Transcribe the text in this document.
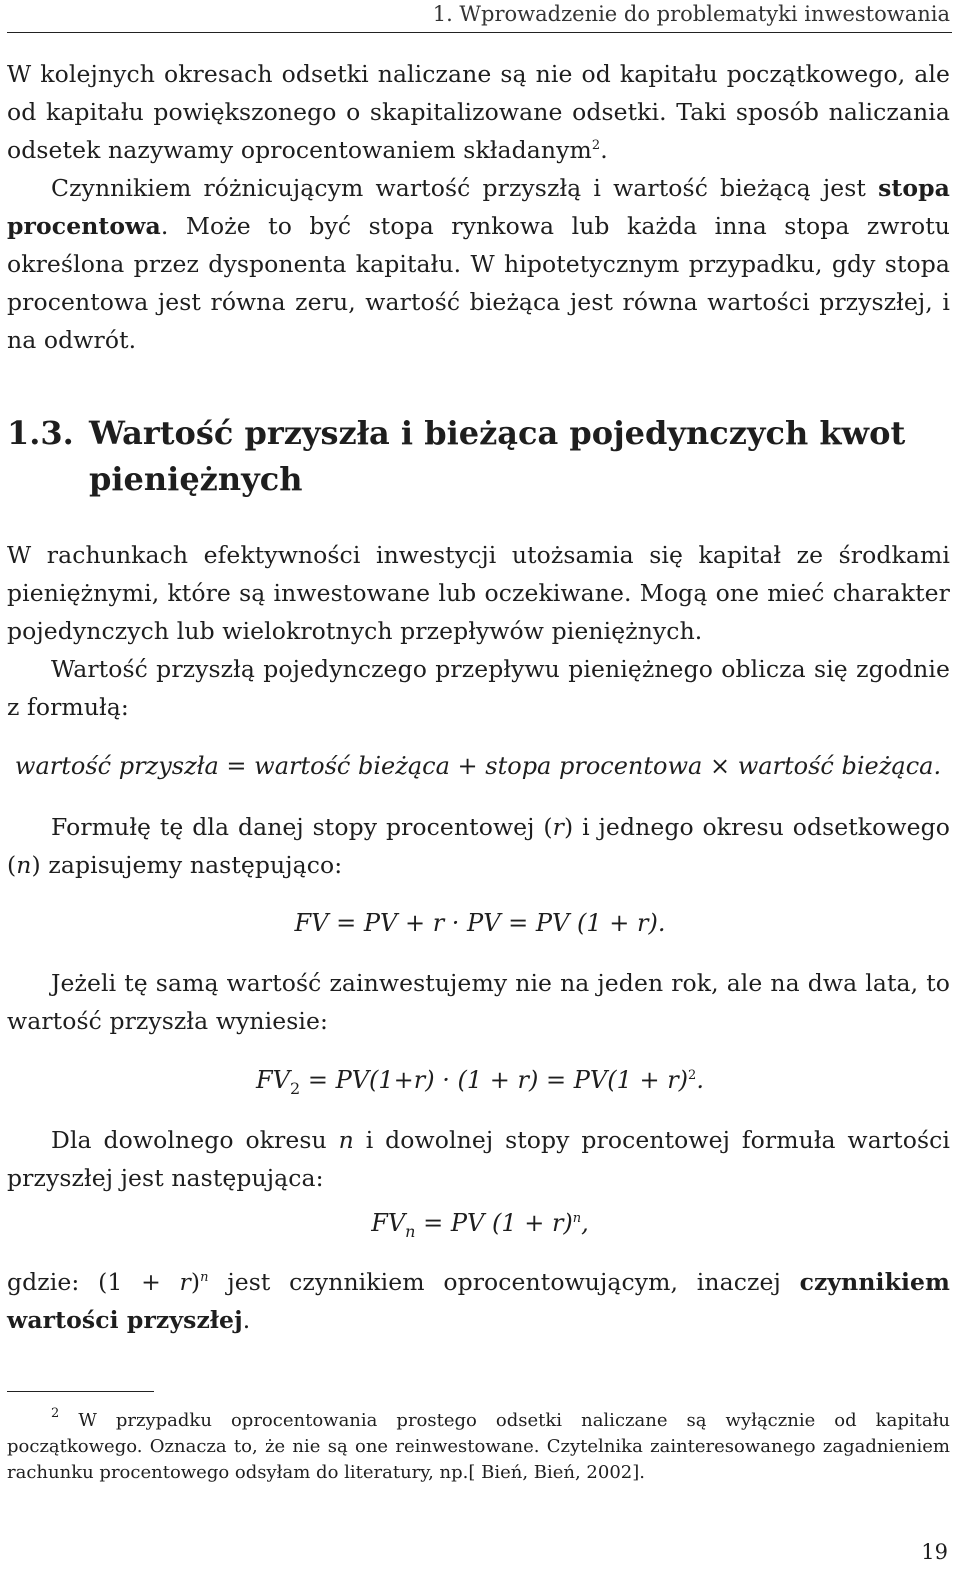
1. Wprowadzenie do problematyki inwestowania
W kolejnych okresach odsetki naliczane są nie od kapitału początkowego, ale od kapitału powiększonego o skapitalizowane odsetki. Taki sposób naliczania odsetek nazywamy oprocentowaniem składanym$^2$.
Czynnikiem różnicującym wartość przyszłą i wartość bieżącą jest stopa procentowa. Może to być stopa rynkowa lub każda inna stopa zwrotu określona przez dysponenta kapitału. W hipotetycznym przypadku, gdy stopa procentowa jest równa zeru, wartość bieżąca jest równa wartości przyszłej, i na odwrót.
1.3. Wartość przyszła i bieżąca pojedynczych kwot pieniężnych
W rachunkach efektywności inwestycji utożsamia się kapitał ze środkami pieniężnymi, które są inwestowane lub oczekiwane. Mogą one mieć charakter pojedynczych lub wielokrotnych przepływów pieniężnych.
Wartość przyszłą pojedynczego przepływu pieniężnego oblicza się zgodnie z formułą:
wartość przyszła = wartość bieżąca + stopa procentowa × wartość bieżąca.
Formułę tę dla danej stopy procentowej (r) i jednego okresu odsetkowego (n) zapisujemy następująco:
FV = PV + r · PV = PV (1 + r).
Jeżeli tę samą wartość zainwestujemy nie na jeden rok, ale na dwa lata, to wartość przyszła wyniesie:
$FV_2 = PV(1+r) \cdot (1 + r) = PV(1 + r)^2$.
Dla dowolnego okresu n i dowolnej stopy procentowej formuła wartości przyszłej jest następująca:
$FV_n$ = PV $(1 + r)^n$,
gdzie: $(1 + r)^n$ jest czynnikiem oprocentowującym, inaczej czynnikiem wartości przyszłej.
$^2$ W przypadku oprocentowania prostego odsetki naliczane są wyłącznie od kapitału początkowego. Oznacza to, że nie są one reinwestowane. Czytelnika zainteresowanego zagadnieniem rachunku procentowego odsyłam do literatury, np.[ Bień, Bień, 2002].
19
